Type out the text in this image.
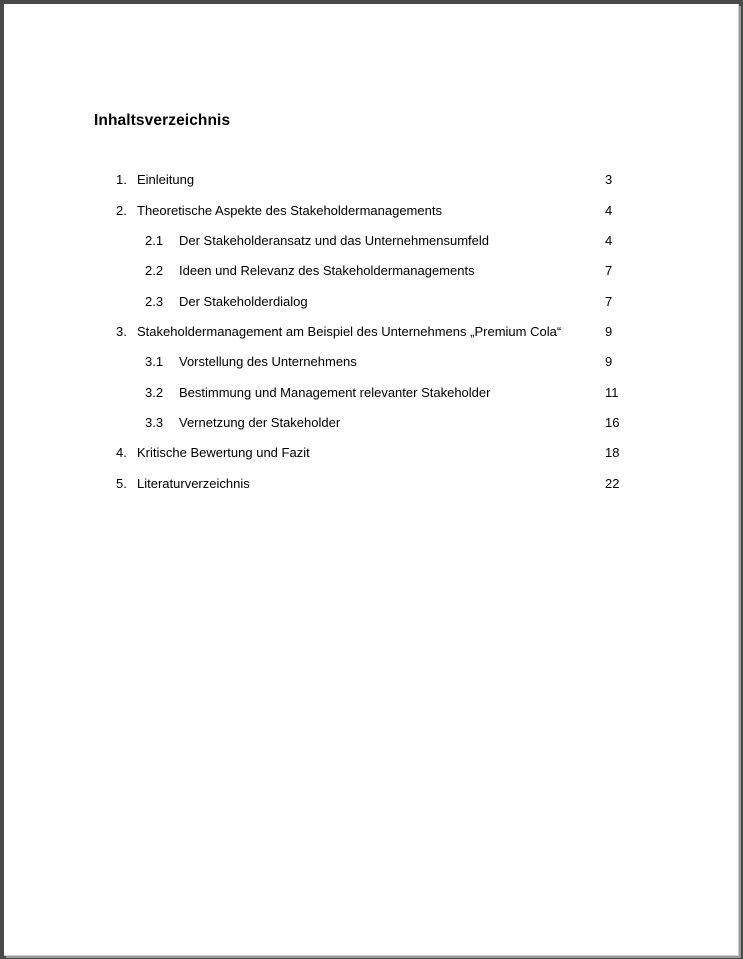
Inhaltsverzeichnis
1. Einleitung	3
2. Theoretische Aspekte des Stakeholdermanagements	4
2.1 Der Stakeholderansatz und das Unternehmensumfeld	4
2.2 Ideen und Relevanz des Stakeholdermanagements	7
2.3 Der Stakeholderdialog	7
3. Stakeholdermanagement am Beispiel des Unternehmens „Premium Cola“	9
3.1 Vorstellung des Unternehmens	9
3.2 Bestimmung und Management relevanter Stakeholder	11
3.3 Vernetzung der Stakeholder	16
4. Kritische Bewertung und Fazit	18
5. Literaturverzeichnis	22
